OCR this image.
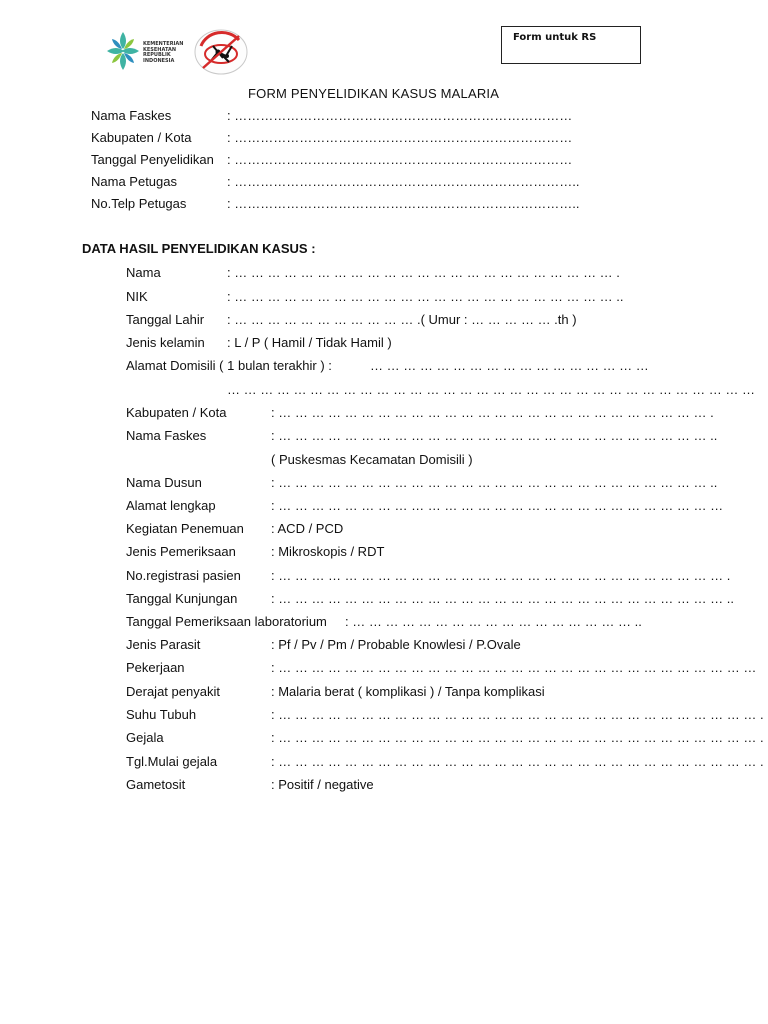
KEMENTERIAN
KESEHATAN
REPUBLIK
INDONESIA
Form untuk RS
FORM PENYELIDIKAN KASUS MALARIA
Nama Faskes	: ……………………………………………………………………
Kabupaten / Kota	: ……………………………………………………………………
Tanggal Penyelidikan : ……………………………………………………………………
Nama Petugas	: ……………………………………………………………………..
No.Telp Petugas	: ……………………………………………………………………..
DATA HASIL PENYELIDIKAN KASUS :
Nama	: … … … … … … … … … … … … … … … … … … … … … … … .
NIK	: … … … … … … … … … … … … … … … … … … … … … … … ..
Tanggal Lahir : … … … … … … … … … … … .( Umur : … … … … … .th )
Jenis kelamin : L / P ( Hamil / Tidak Hamil )
Alamat Domisili ( 1 bulan terakhir ) :	… … … … … … … … … … … … … … … … …
… … … … … … … … … … … … … … … … … … … … … … … … … … … … … … … …
Kabupaten / Kota	: … … … … … … … … … … … … … … … … … … … … … … … … … … .
Nama Faskes	: … … … … … … … … … … … … … … … … … … … … … … … … … … ..
( Puskesmas Kecamatan Domisili )
Nama Dusun	: … … … … … … … … … … … … … … … … … … … … … … … … … … ..
Alamat lengkap	: … … … … … … … … … … … … … … … … … … … … … … … … … … …
Kegiatan Penemuan : ACD / PCD
Jenis Pemeriksaan	: Mikroskopis / RDT
No.registrasi pasien : … … … … … … … … … … … … … … … … … … … … … … … … … … … .
Tanggal Kunjungan	: … … … … … … … … … … … … … … … … … … … … … … … … … … … ..
Tanggal Pemeriksaan laboratorium : … … … … … … … … … … … … … … … … … ..
Jenis Parasit	: Pf / Pv / Pm / Probable Knowlesi / P.Ovale
Pekerjaan	: … … … … … … … … … … … … … … … … … … … … … … … … … … … … …
Derajat penyakit	: Malaria berat ( komplikasi ) / Tanpa komplikasi
Suhu Tubuh	: … … … … … … … … … … … … … … … … … … … … … … … … … … … … … .
Gejala	: … … … … … … … … … … … … … … … … … … … … … … … … … … … … … .
Tgl.Mulai gejala	: … … … … … … … … … … … … … … … … … … … … … … … … … … … … … .
Gametosit	: Positif / negative
